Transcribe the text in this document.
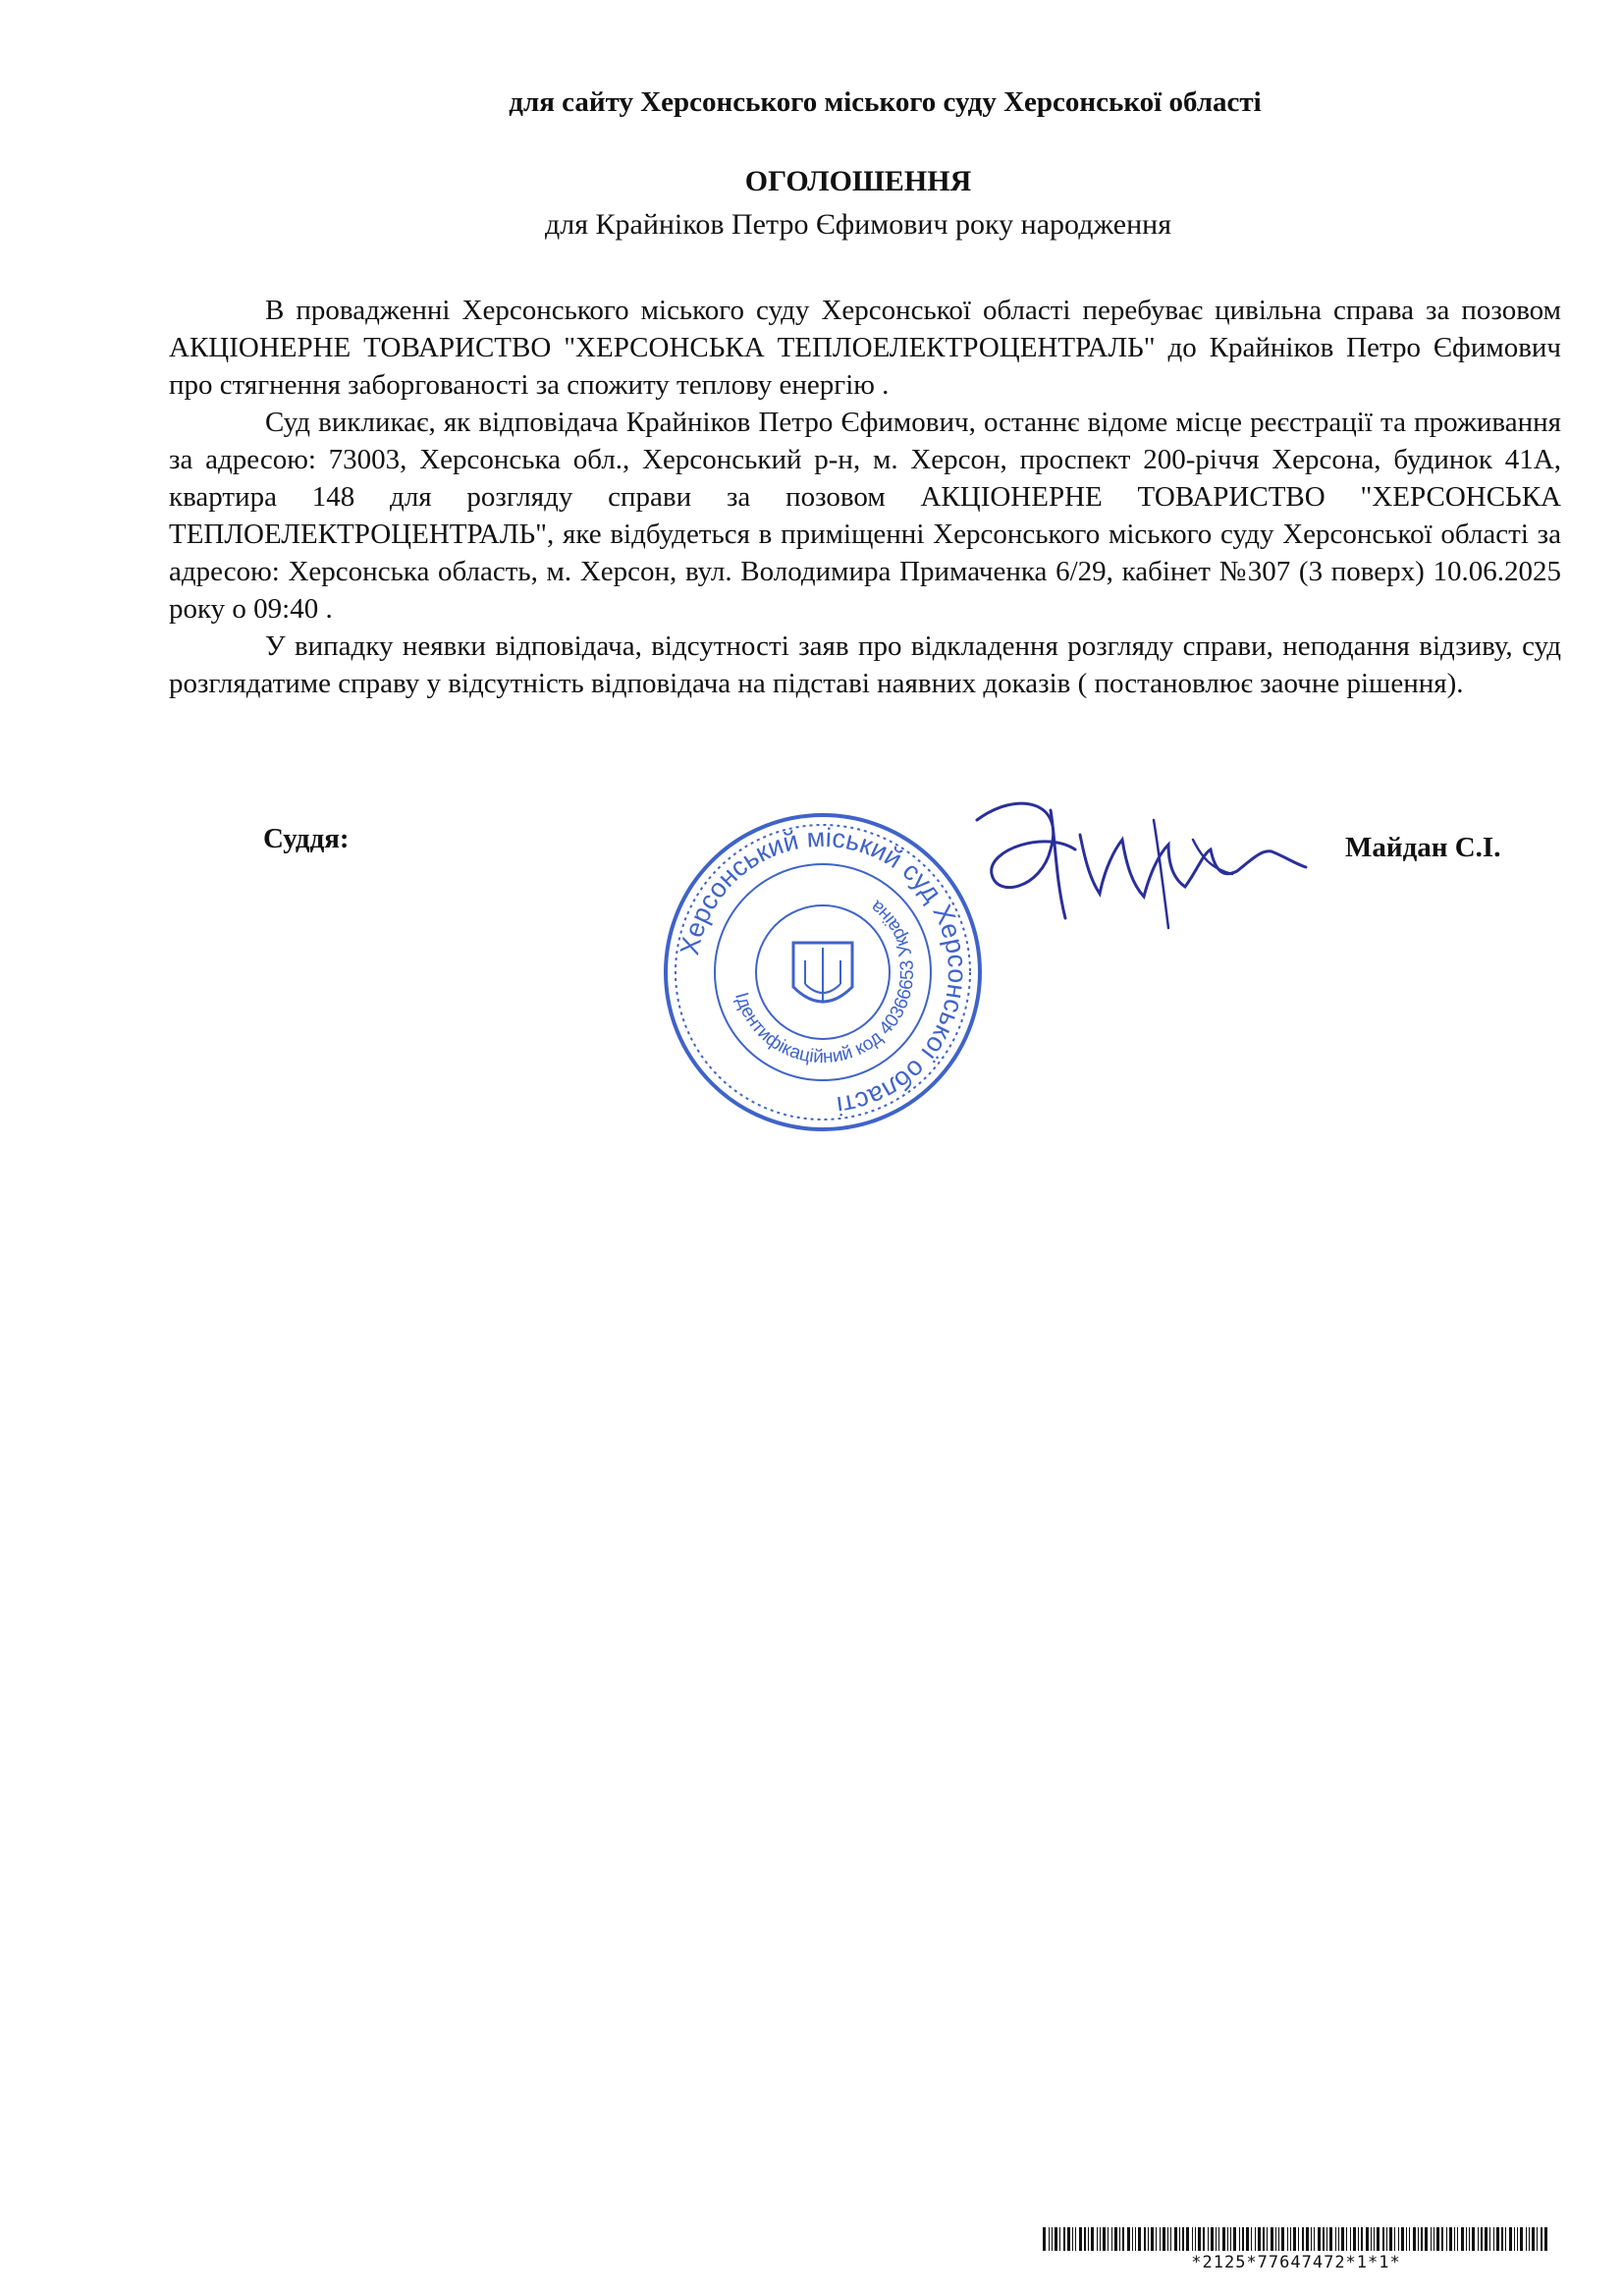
для сайту Херсонського міського суду Херсонської області
ОГОЛОШЕННЯ
для Крайніков Петро Єфимович року народження

В провадженні Херсонського міського суду Херсонської області перебуває цивільна справа за позовом АКЦІОНЕРНЕ ТОВАРИСТВО "ХЕРСОНСЬКА ТЕПЛОЕЛЕКТРОЦЕНТРАЛЬ" до Крайніков Петро Єфимович про стягнення заборгованості за спожиту теплову енергію .

Суд викликає, як відповідача Крайніков Петро Єфимович, останнє відоме місце реєстрації та проживання за адресою: 73003, Херсонська обл., Херсонський р-н, м. Херсон, проспект 200-річчя Херсона, будинок 41А, квартира 148 для розгляду справи за позовом АКЦІОНЕРНЕ ТОВАРИСТВО "ХЕРСОНСЬКА ТЕПЛОЕЛЕКТРОЦЕНТРАЛЬ", яке відбудеться в приміщенні Херсонського міського суду Херсонської області за адресою: Херсонська область, м. Херсон, вул. Володимира Примаченка 6/29, кабінет №307 (3 поверх) 10.06.2025 року о 09:40 .

У випадку неявки відповідача, відсутності заяв про відкладення розгляду справи, неподання відзиву, суд розглядатиме справу у відсутність відповідача на підставі наявних доказів ( постановлює заочне рішення).

Херсонський міський суд Херсонської області
Ідентифікаційний код 40366653 Україна
Суддя:	Майдан С.І.
*2125*77647472*1*1*
